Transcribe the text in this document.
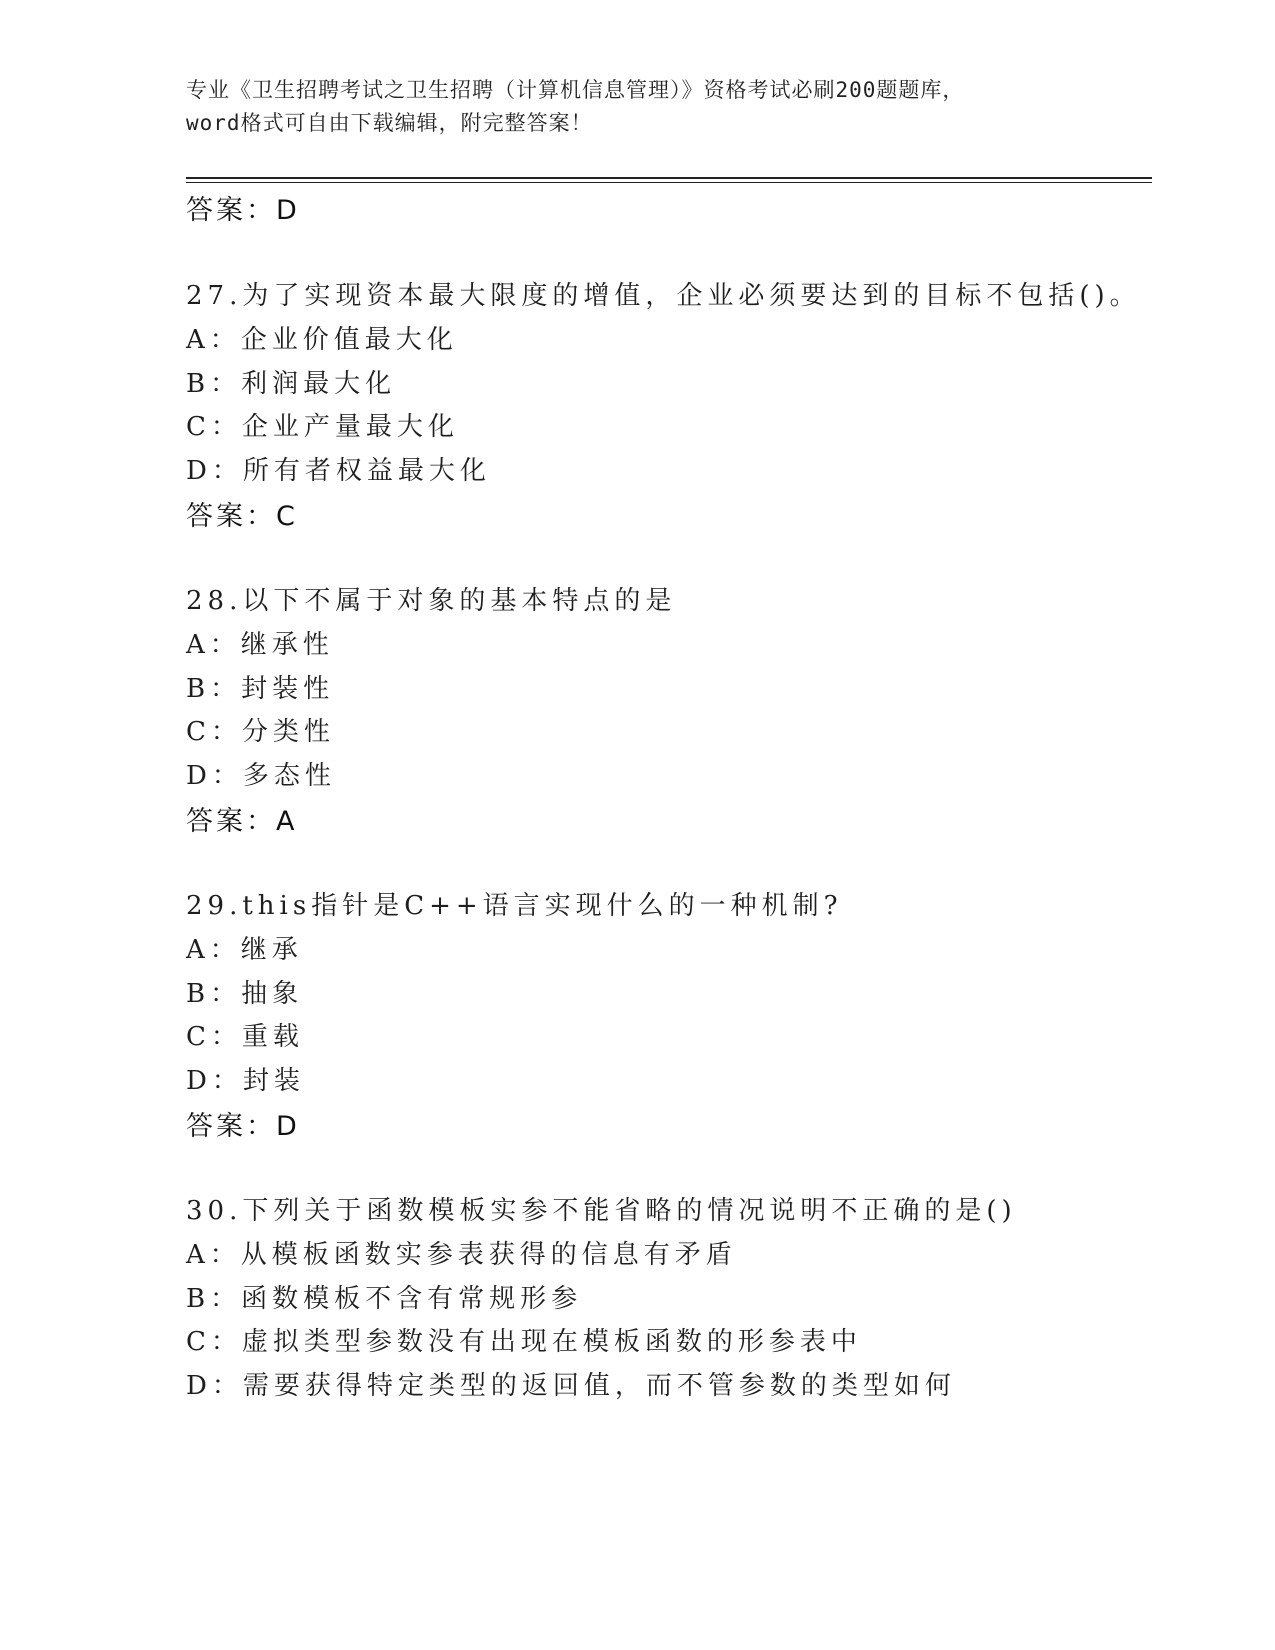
专业《卫生招聘考试之卫生招聘（计算机信息管理）》资格考试必刷200题题库，
word格式可自由下载编辑，附完整答案！
答案：D
27.为了实现资本最大限度的增值，企业必须要达到的目标不包括()。
A：企业价值最大化
B：利润最大化
C：企业产量最大化
D：所有者权益最大化
答案：C
28.以下不属于对象的基本特点的是
A：继承性
B：封装性
C：分类性
D：多态性
答案：A
29.this指针是C++语言实现什么的一种机制?
A：继承
B：抽象
C：重载
D：封装
答案：D
30.下列关于函数模板实参不能省略的情况说明不正确的是()
A：从模板函数实参表获得的信息有矛盾
B：函数模板不含有常规形参
C：虚拟类型参数没有出现在模板函数的形参表中
D：需要获得特定类型的返回值，而不管参数的类型如何
